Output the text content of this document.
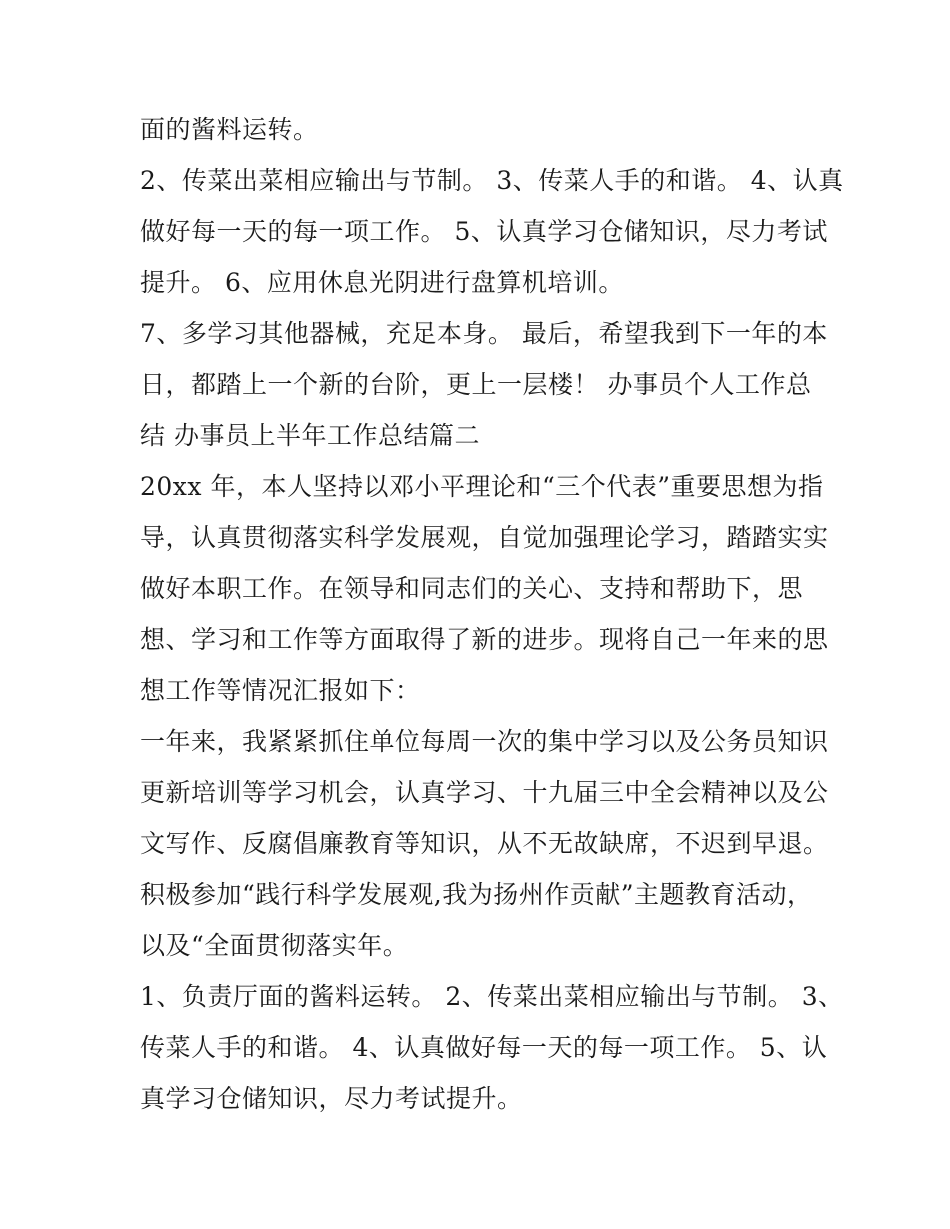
面的酱料运转。

2、传菜出菜相应输出与节制。 3、传菜人手的和谐。 4、认真
做好每一天的每一项工作。 5、认真学习仓储知识，尽力考试
提升。 6、应用休息光阴进行盘算机培训。

7、多学习其他器械，充足本身。 最后，希望我到下一年的本
日，都踏上一个新的台阶，更上一层楼！ 办事员个人工作总
结 办事员上半年工作总结篇二

20xx 年，本人坚持以邓小平理论和“三个代表”重要思想为指
导，认真贯彻落实科学发展观，自觉加强理论学习，踏踏实实
做好本职工作。在领导和同志们的关心、支持和帮助下，思
想、学习和工作等方面取得了新的进步。现将自己一年来的思
想工作等情况汇报如下：

一年来，我紧紧抓住单位每周一次的集中学习以及公务员知识
更新培训等学习机会，认真学习、十九届三中全会精神以及公
文写作、反腐倡廉教育等知识，从不无故缺席，不迟到早退。
积极参加“践行科学发展观,我为扬州作贡献”主题教育活动，
以及“全面贯彻落实年。

1、负责厅面的酱料运转。 2、传菜出菜相应输出与节制。 3、
传菜人手的和谐。 4、认真做好每一天的每一项工作。 5、认
真学习仓储知识，尽力考试提升。
